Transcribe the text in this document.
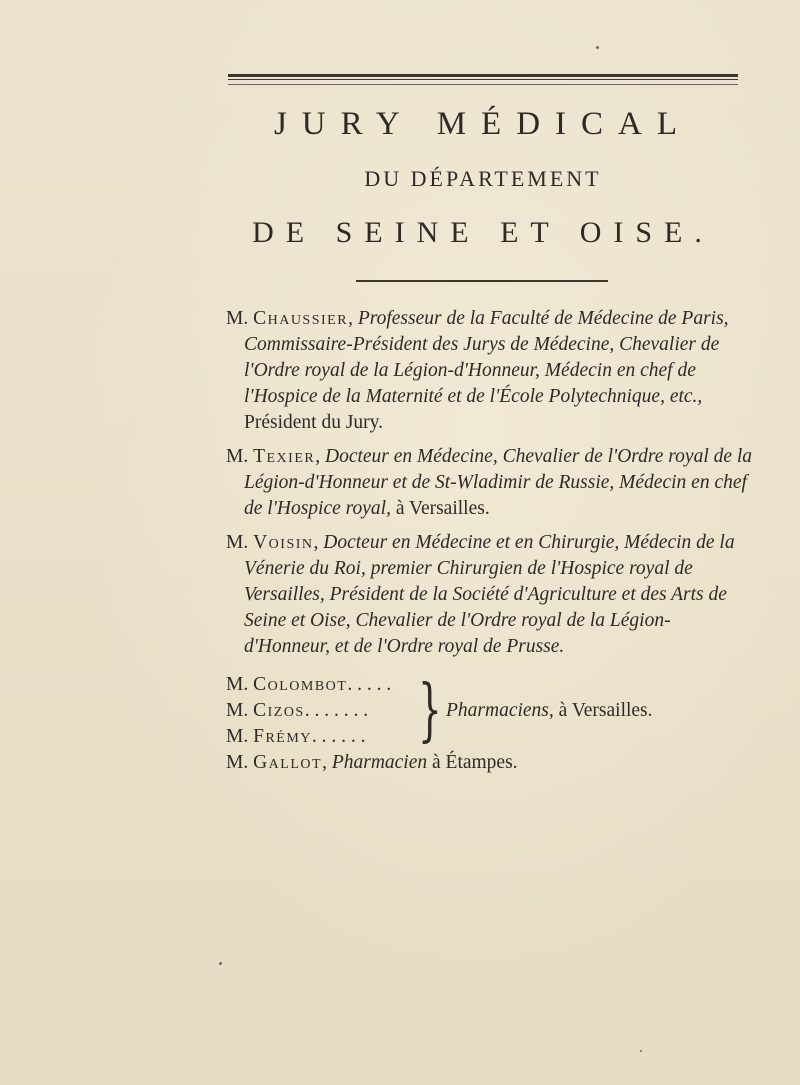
JURY MÉDICAL
DU DÉPARTEMENT
DE SEINE ET OISE.

M. Chaussier, Professeur de la Faculté de Médecine de Paris, Commissaire-Président des Jurys de Médecine, Chevalier de l'Ordre royal de la Légion-d'Honneur, Médecin en chef de l'Hospice de la Maternité et de l'École Polytechnique, etc., Président du Jury.

M. Texier, Docteur en Médecine, Chevalier de l'Ordre royal de la Légion-d'Honneur et de St-Wladimir de Russie, Médecin en chef de l'Hospice royal, à Versailles.

M. Voisin, Docteur en Médecine et en Chirurgie, Médecin de la Vénerie du Roi, premier Chirurgien de l'Hospice royal de Versailles, Président de la Société d'Agriculture et des Arts de Seine et Oise, Chevalier de l'Ordre royal de la Légion-d'Honneur, et de l'Ordre royal de Prusse.

M. Colombot. . . . .
M. Cizos. . . . . . .
M. Frémy. . . . . .
M. Gallot, Pharmacien à Étampes.
} Pharmaciens, à Versailles.
